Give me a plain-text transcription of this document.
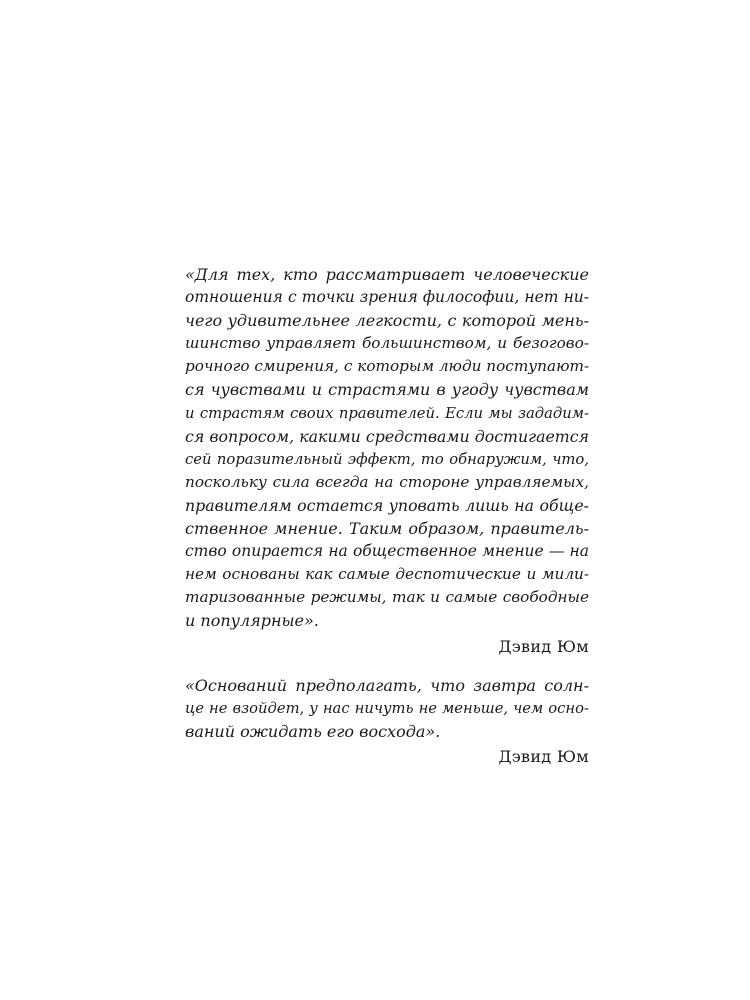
«Для тех, кто рассматривает человеческие
отношения с точки зрения философии, нет ни-
чего удивительнее легкости, с которой мень-
шинство управляет большинством, и безогово-
рочного смирения, с которым люди поступают-
ся чувствами и страстями в угоду чувствам
и страстям своих правителей. Если мы зададим-
ся вопросом, какими средствами достигается
сей поразительный эффект, то обнаружим, что,
поскольку сила всегда на стороне управляемых,
правителям остается уповать лишь на обще-
ственное мнение. Таким образом, правитель-
ство опирается на общественное мнение — на
нем основаны как самые деспотические и мили-
таризованные режимы, так и самые свободные
и популярные».
Дэвид Юм
«Оснований предполагать, что завтра солн-
це не взойдет, у нас ничуть не меньше, чем осно-
ваний ожидать его восхода».
Дэвид Юм
